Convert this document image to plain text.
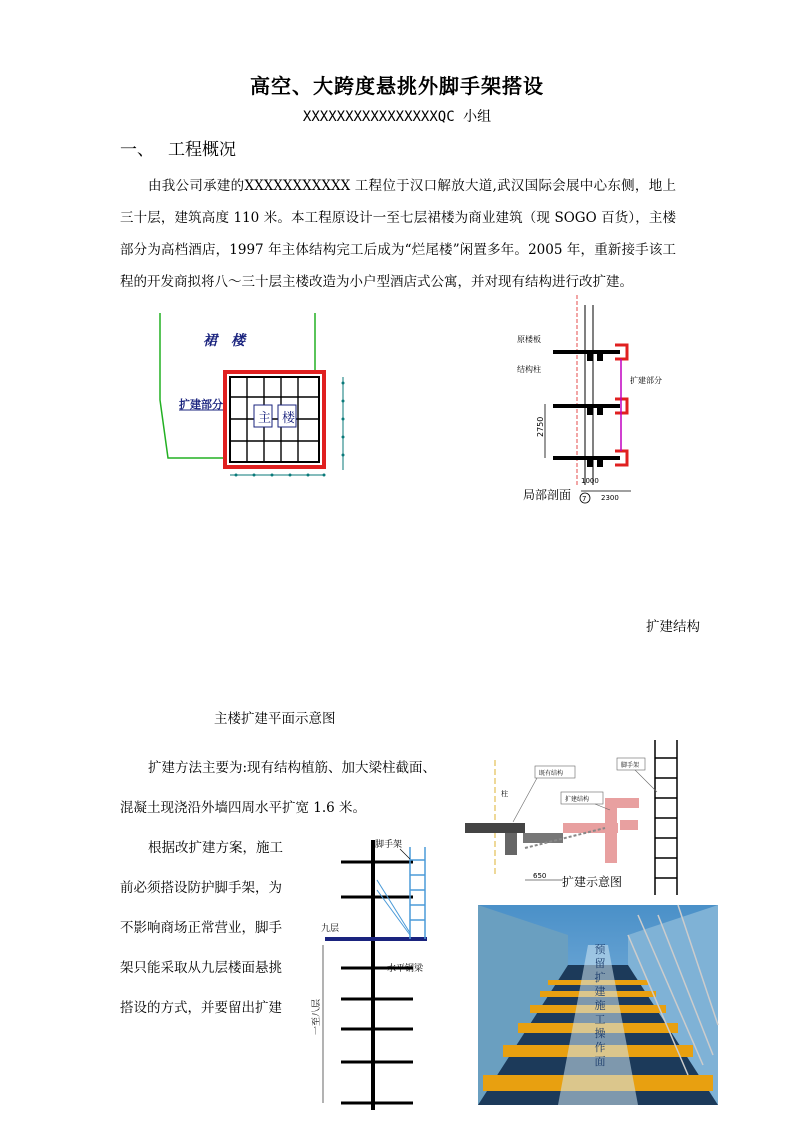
高空、大跨度悬挑外脚手架搭设
XXXXXXXXXXXXXXXXQC 小组
一、 工程概况
由我公司承建的XXXXXXXXXXX 工程位于汉口解放大道,武汉国际会展中心东侧，地上三十层，建筑高度 110 米。本工程原设计一至七层裙楼为商业建筑（现 SOGO 百货），主楼部分为高档酒店，1997 年主体结构完工后成为“烂尾楼”闲置多年。2005 年，重新接手该工程的开发商拟将八～三十层主楼改造为小户型酒店式公寓，并对现有结构进行改扩建。
裙　楼
扩建部分
主 楼
原楼板
结构柱
扩建部分
2750
1000
2300
局部剖面 7
扩建结构
主楼扩建平面示意图
扩建方法主要为:现有结构植筋、加大梁柱截面、
混凝土现浇沿外墙四周水平扩宽 1.6 米。
根据改扩建方案，施工
前必须搭设防护脚手架，为
不影响商场正常营业，脚手
架只能采取从九层楼面悬挑
搭设的方式，并要留出扩建
既有结构
扩建结构
脚手架
柱
650 扩建示意图
脚手架
九层
水平钢梁
一至八层
预
留
扩
建
施
工
操
作
面
